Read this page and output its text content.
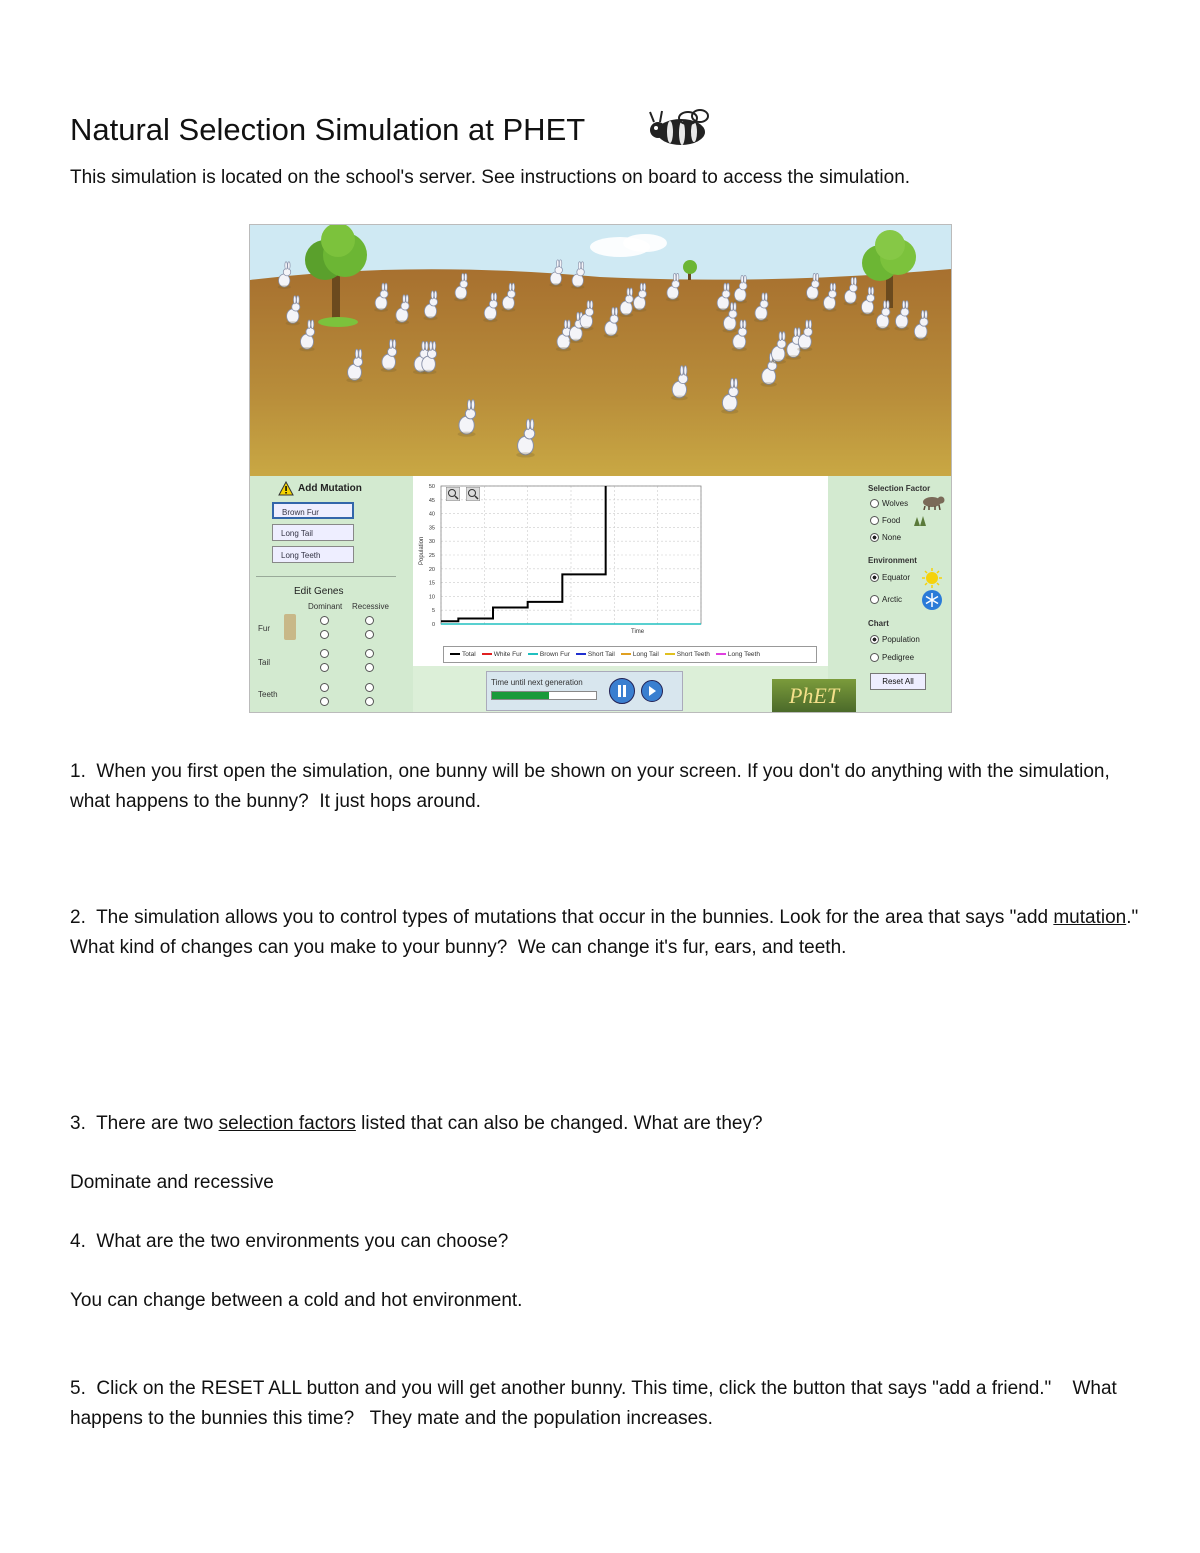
Natural Selection Simulation at PHET
This simulation is located on the school's server. See instructions on board to access the simulation.
Add Mutation
Brown Fur
Long Tail
Long Teeth
Edit Genes
Dominant Recessive
Fur
Tail
Teeth
0
5
10
15
20
25
30
35
40
45
50
Time
Population
Total	White Fur	Brown Fur	Short Tail	Long Tail	Short Teeth	Long Teeth
Time until next generation
Selection Factor
Wolves
Food
None
Environment
Equator
Arctic
Chart
Population
Pedigree
Reset All
PhET
1. When you first open the simulation, one bunny will be shown on your screen. If you don't do anything with the simulation, what happens to the bunny? It just hops around.
2. The simulation allows you to control types of mutations that occur in the bunnies. Look for the area that says "add mutation." What kind of changes can you make to your bunny? We can change it's fur, ears, and teeth.
3. There are two selection factors listed that can also be changed. What are they?
Dominate and recessive
4. What are the two environments you can choose?
You can change between a cold and hot environment.
5. Click on the RESET ALL button and you will get another bunny. This time, click the button that says "add a friend." What happens to the bunnies this time? They mate and the population increases.
